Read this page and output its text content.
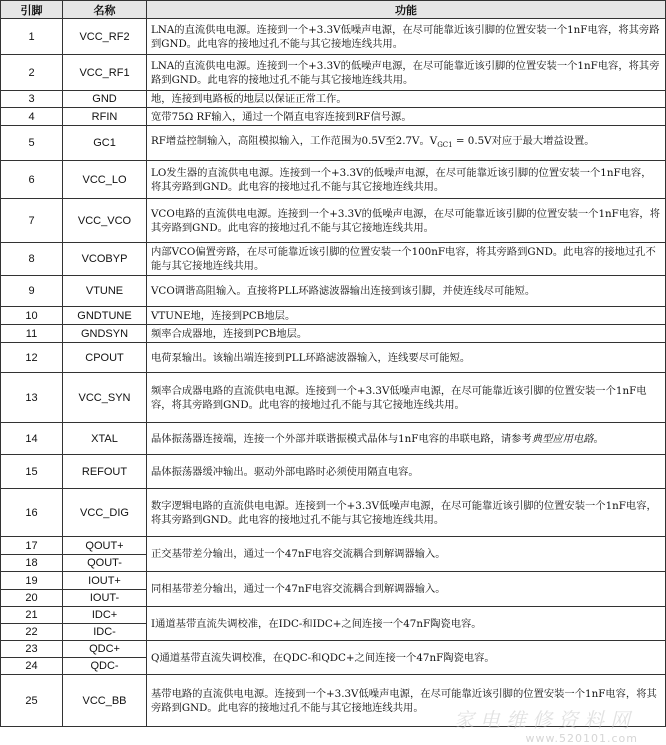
引脚	名称	功能
1	VCC_RF2	LNA的直流供电电源。连接到一个+3.3V低噪声电源，在尽可能靠近该引脚的位置安装一个1nF电容，将其旁路到GND。此电容的接地过孔不能与其它接地连线共用。
2	VCC_RF1	LNA的直流供电电源。连接到一个+3.3V的低噪声电源，在尽可能靠近该引脚的位置安装一个1nF电容，将其旁路到GND。此电容的接地过孔不能与其它接地连线共用。
3	GND	地，连接到电路板的地层以保证正常工作。
4	RFIN	宽带75Ω RF输入，通过一个隔直电容连接到RF信号源。
5	GC1	RF增益控制输入，高阻模拟输入，工作范围为0.5V至2.7V。$V_{GC1} = 0.5V$对应于最大增益设置。
6	VCC_LO	LO发生器的直流供电电源。连接到一个+3.3V的低噪声电源，在尽可能靠近该引脚的位置安装一个1nF电容，将其旁路到GND。此电容的接地过孔不能与其它接地连线共用。
7	VCC_VCO	VCO电路的直流供电电源。连接到一个+3.3V的低噪声电源，在尽可能靠近该引脚的位置安装一个1nF电容，将其旁路到GND。此电容的接地过孔不能与其它接地连线共用。
8	VCOBYP	内部VCO偏置旁路，在尽可能靠近该引脚的位置安装一个100nF电容，将其旁路到GND。此电容的接地过孔不能与其它接地连线共用。
9	VTUNE	VCO调谐高阻输入。直接将PLL环路滤波器输出连接到该引脚，并使连线尽可能短。
10	GNDTUNE	VTUNE地，连接到PCB地层。
11	GNDSYN	频率合成器地，连接到PCB地层。
12	CPOUT	电荷泵输出。该输出端连接到PLL环路滤波器输入，连线要尽可能短。
13	VCC_SYN	频率合成器电路的直流供电电源。连接到一个+3.3V低噪声电源，在尽可能靠近该引脚的位置安装一个1nF电容，将其旁路到GND。此电容的接地过孔不能与其它接地连线共用。
14	XTAL	晶体振荡器连接端，连接一个外部并联谐振模式晶体与1nF电容的串联电路，请参考典型应用电路。
15	REFOUT	晶体振荡器缓冲输出。驱动外部电路时必须使用隔直电容。
16	VCC_DIG	数字逻辑电路的直流供电电源。连接到一个+3.3V低噪声电源，在尽可能靠近该引脚的位置安装一个1nF电容，将其旁路到GND。此电容的接地过孔不能与其它接地连线共用。
17	QOUT+	正交基带差分输出，通过一个47nF电容交流耦合到解调器输入。
18	QOUT-	
19	IOUT+	同相基带差分输出，通过一个47nF电容交流耦合到解调器输入。
20	IOUT-	
21	IDC+	I通道基带直流失调校准，在IDC-和IDC+之间连接一个47nF陶瓷电容。
22	IDC-	
23	QDC+	Q通道基带直流失调校准，在QDC-和QDC+之间连接一个47nF陶瓷电容。
24	QDC-	
25	VCC_BB	基带电路的直流供电电源。连接到一个+3.3V低噪声电源，在尽可能靠近该引脚的位置安装一个1nF电容，将其旁路到GND。此电容的接地过孔不能与其它接地连线共用。
家电维修资料网
www.520101.com
